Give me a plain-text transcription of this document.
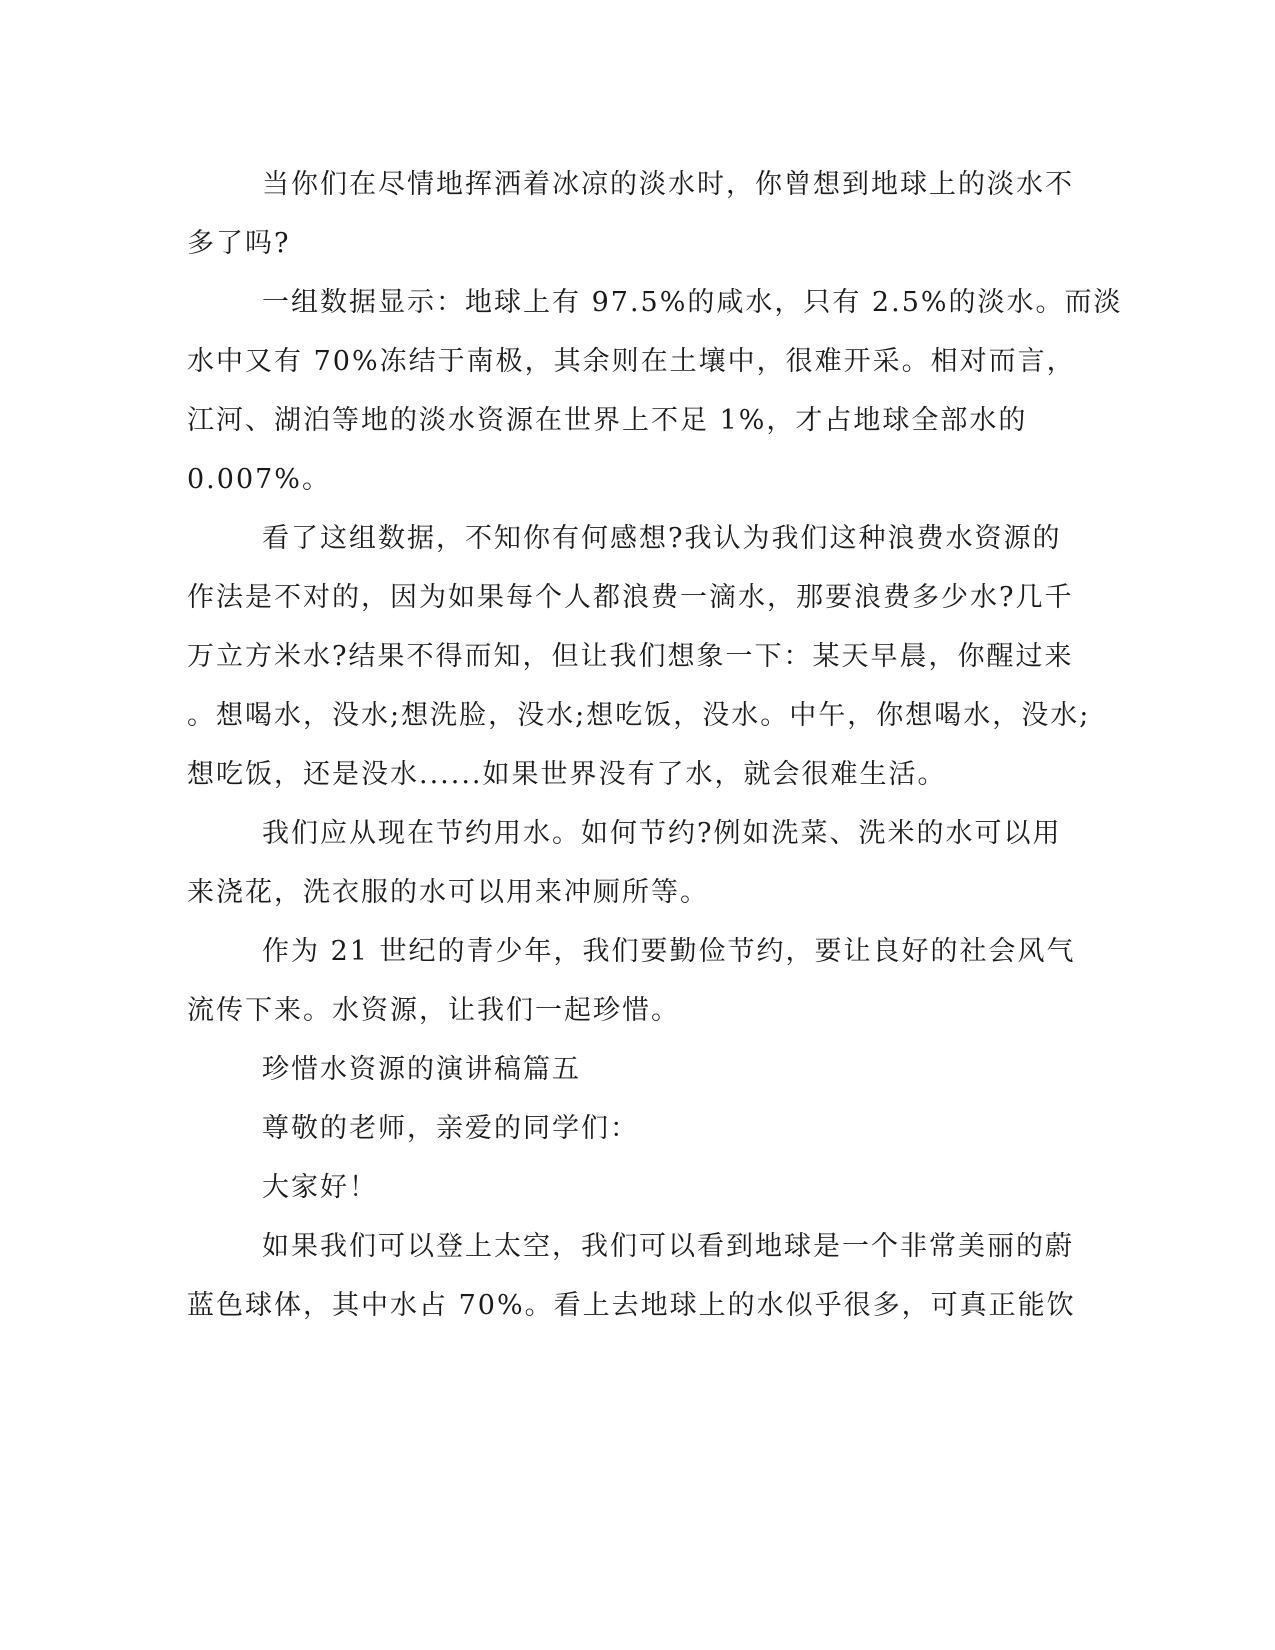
当你们在尽情地挥洒着冰凉的淡水时，你曾想到地球上的淡水不
多了吗?

一组数据显示：地球上有 97.5%的咸水，只有 2.5%的淡水。而淡
水中又有 70%冻结于南极，其余则在土壤中，很难开采。相对而言，
江河、湖泊等地的淡水资源在世界上不足 1%，才占地球全部水的
0.007%。

看了这组数据，不知你有何感想?我认为我们这种浪费水资源的
作法是不对的，因为如果每个人都浪费一滴水，那要浪费多少水?几千
万立方米水?结果不得而知，但让我们想象一下：某天早晨，你醒过来
。想喝水，没水;想洗脸，没水;想吃饭，没水。中午，你想喝水，没水;
想吃饭，还是没水......如果世界没有了水，就会很难生活。

我们应从现在节约用水。如何节约?例如洗菜、洗米的水可以用
来浇花，洗衣服的水可以用来冲厕所等。

作为 21 世纪的青少年，我们要勤俭节约，要让良好的社会风气
流传下来。水资源，让我们一起珍惜。

珍惜水资源的演讲稿篇五

尊敬的老师，亲爱的同学们：

大家好！

如果我们可以登上太空，我们可以看到地球是一个非常美丽的蔚
蓝色球体，其中水占 70%。看上去地球上的水似乎很多，可真正能饮
